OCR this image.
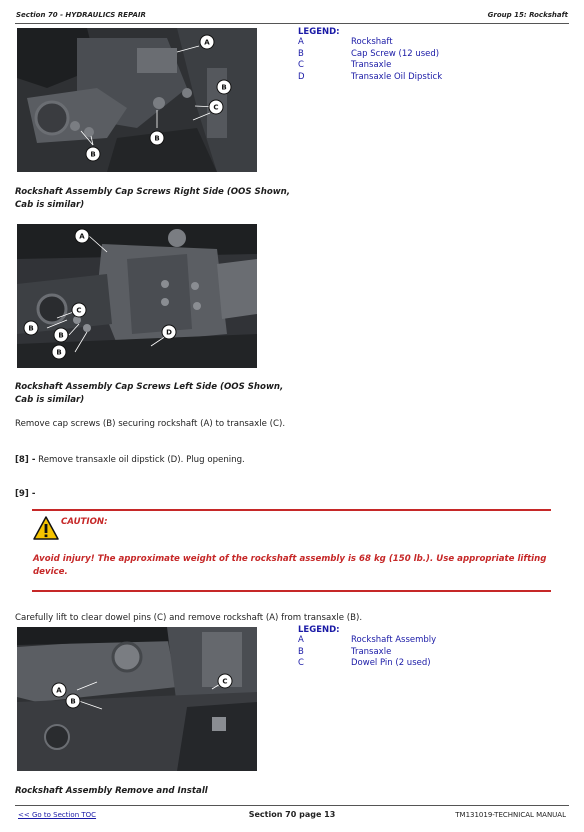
Section 70 - HYDRAULICS REPAIR	Group 15: Rockshaft
A
B
C
B
B
LEGEND:
A	Rockshaft
B	Cap Screw (12 used)
C	Transaxle
D	Transaxle Oil Dipstick
Rockshaft Assembly Cap Screws Right Side (OOS Shown,
Cab is similar)
A
C
B
B
B
D
Rockshaft Assembly Cap Screws Left Side (OOS Shown,
Cab is similar)
Remove cap screws (B) securing rockshaft (A) to transaxle (C).
[8] - Remove transaxle oil dipstick (D). Plug opening.
[9] -
CAUTION:
Avoid injury! The approximate weight of the rockshaft assembly is 68 kg (150 lb.). Use appropriate lifting device.
Carefully lift to clear dowel pins (C) and remove rockshaft (A) from transaxle (B).
A
B
C
LEGEND:
A	Rockshaft Assembly
B	Transaxle
C	Dowel Pin (2 used)
Rockshaft Assembly Remove and Install
<< Go to Section TOC	Section 70 page 13	TM131019-TECHNICAL MANUAL
